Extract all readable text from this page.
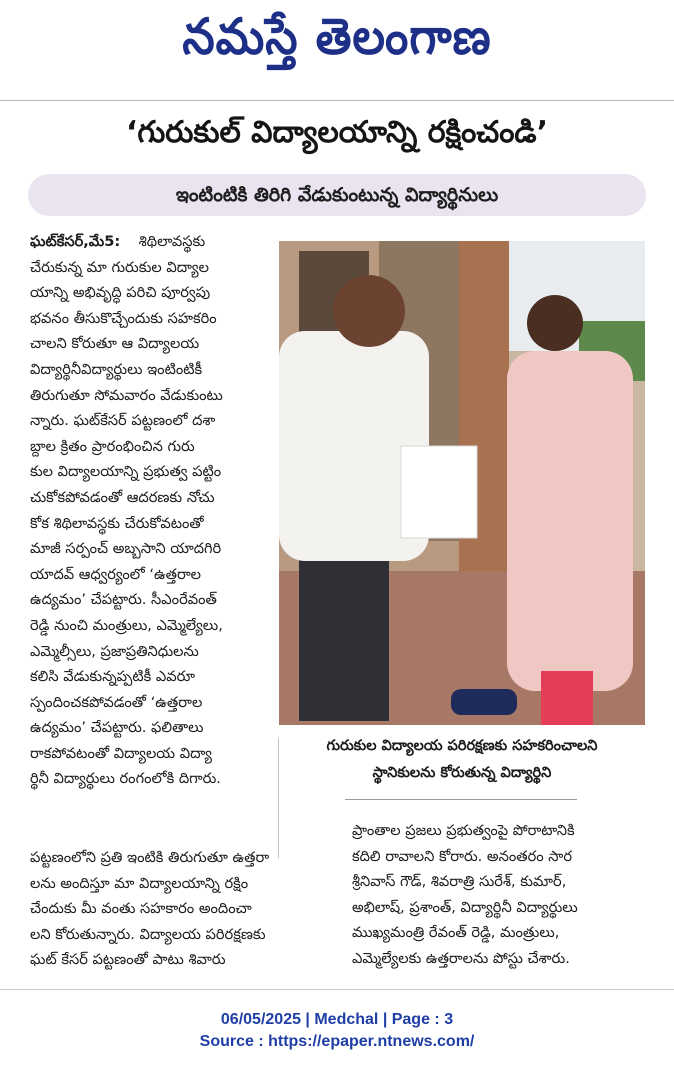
నమస్తే తెలంగాణ
‘గురుకుల్ విద్యాలయాన్ని రక్షించండి’
ఇంటింటికి తిరిగి వేడుకుంటున్న విద్యార్థినులు
ఘట్‌కేసర్,మే5: శిథిలావస్థకు
చేరుకున్న మా గురుకుల విద్యాల
యాన్ని అభివృద్ధి పరిచి పూర్వపు
భవనం తీసుకొచ్చేందుకు సహకరిం
చాలని కోరుతూ ఆ విద్యాలయ
విద్యార్థినీవిద్యార్థులు ఇంటింటికీ
తిరుగుతూ సోమవారం వేడుకుంటు
న్నారు. ఘట్‌కేసర్ పట్టణంలో దశా
బ్దాల క్రితం ప్రారంభించిన గురు
కుల విద్యాలయాన్ని ప్రభుత్వ పట్టిం
చుకోకపోవడంతో ఆదరణకు నోచు
కోక శిథిలావస్థకు చేరుకోవటంతో
మాజీ సర్పంచ్ అబ్బసాని యాదగిరి
యాదవ్ ఆధ్వర్యంలో ‘ఉత్తరాల
ఉద్యమం’ చేపట్టారు. సీఎంరేవంత్
రెడ్డి నుంచి మంత్రులు, ఎమ్మెల్యేలు,
ఎమ్మెల్సీలు, ప్రజాప్రతినిధులను
కలిసి వేడుకున్నప్పటికీ ఎవరూ
స్పందించకపోవడంతో ‘ఉత్తరాల
ఉద్యమం’ చేపట్టారు. ఫలితాలు
రాకపోవటంతో విద్యాలయ విద్యా
ర్థినీ విద్యార్థులు రంగంలోకి దిగారు.
పట్టణంలోని ప్రతి ఇంటికి తిరుగుతూ ఉత్తరా
లను అందిస్తూ మా విద్యాలయాన్ని రక్షిం
చేందుకు మీ వంతు సహకారం అందించా
లని కోరుతున్నారు. విద్యాలయ పరిరక్షణకు
ఘట్ కేసర్ పట్టణంతో పాటు శివారు
గురుకుల విద్యాలయ పరిరక్షణకు సహకరించాలని
స్థానికులను కోరుతున్న విద్యార్థిని
ప్రాంతాల ప్రజలు ప్రభుత్వంపై పోరాటానికి
కదిలి రావాలని కోరారు. అనంతరం సార
శ్రీనివాస్ గౌడ్, శివరాత్రి సురేశ్, కుమార్,
అభిలాష్, ప్రశాంత్, విద్యార్థినీ విద్యార్థులు
ముఖ్యమంత్రి రేవంత్ రెడ్డి, మంత్రులు,
ఎమ్మెల్యేలకు ఉత్తరాలను పోస్టు చేశారు.
06/05/2025 | Medchal | Page : 3
Source : https://epaper.ntnews.com/
